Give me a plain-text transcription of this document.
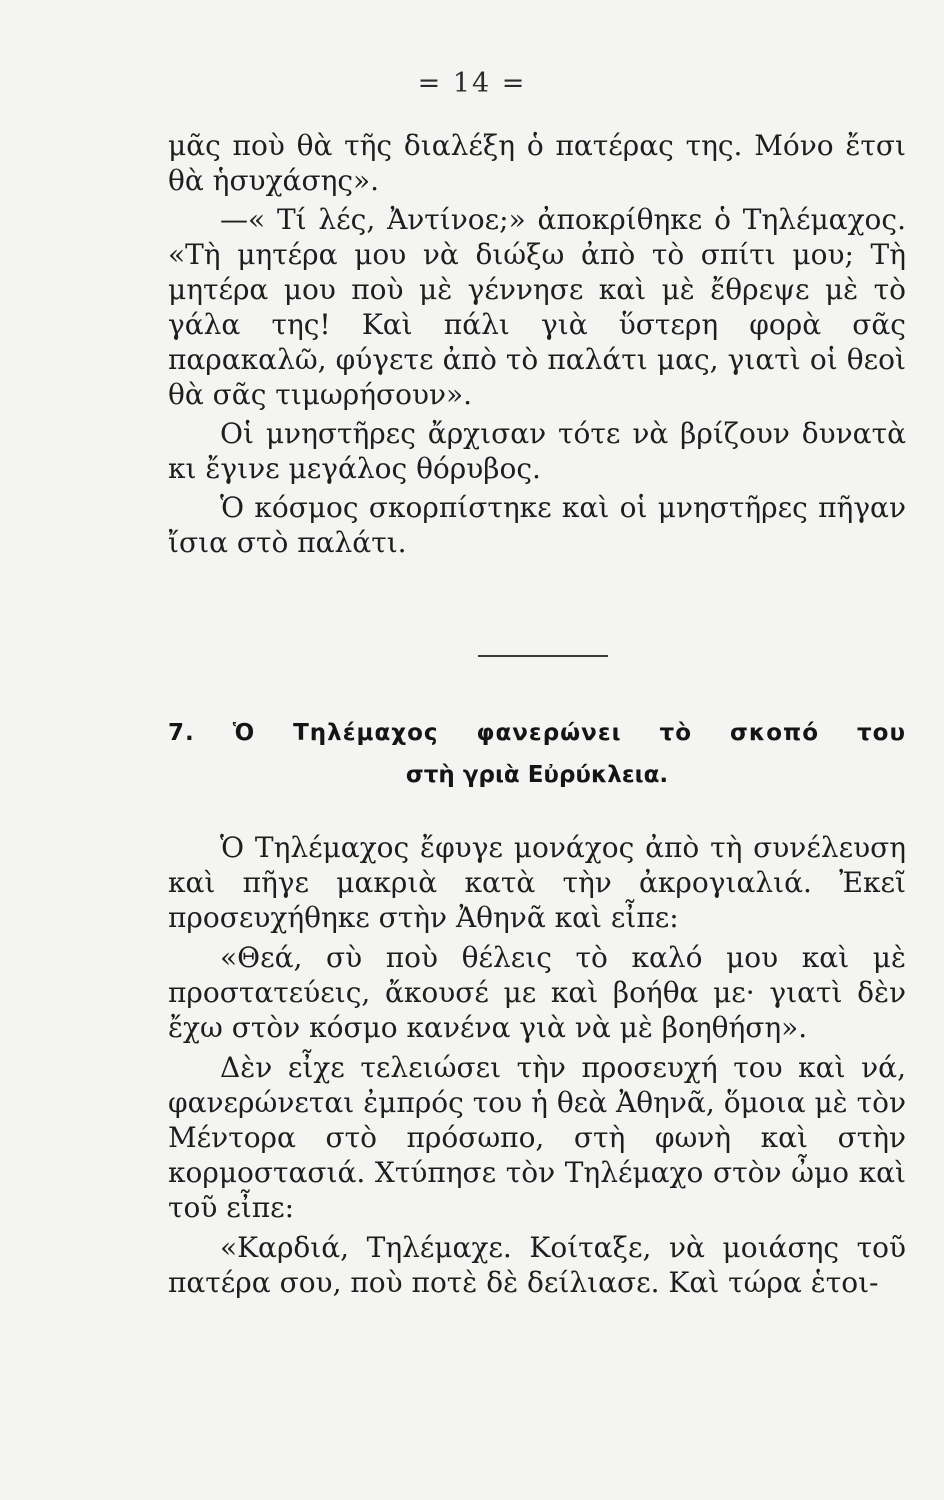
= 14 =

μᾶς ποὺ θὰ τῆς διαλέξη ὁ πατέρας της. Μόνο ἔτσι θὰ ἡσυχάσης».

—« Τί λές, Ἀντίνοε;» ἀποκρίθηκε ὁ Τηλέμαχος. «Τὴ μητέρα μου νὰ διώξω ἀπὸ τὸ σπίτι μου; Τὴ μητέρα μου ποὺ μὲ γέννησε καὶ μὲ ἔθρεψε μὲ τὸ γάλα της! Καὶ πάλι γιὰ ὕστερη φορὰ σᾶς παρακαλῶ, φύγετε ἀπὸ τὸ παλάτι μας, γιατὶ οἱ θεοὶ θὰ σᾶς τιμωρήσουν».

Οἱ μνηστῆρες ἄρχισαν τότε νὰ βρίζουν δυνατὰ κι ἔγινε μεγάλος θόρυβος.

Ὁ κόσμος σκορπίστηκε καὶ οἱ μνηστῆρες πῆγαν ἴσια στὸ παλάτι.

7. Ὁ Τηλέμαχος φανερώνει τὸ σκοπό του
στὴ γριὰ Εὐρύκλεια.

Ὁ Τηλέμαχος ἔφυγε μονάχος ἀπὸ τὴ συνέλευση καὶ πῆγε μακριὰ κατὰ τὴν ἀκρογιαλιά. Ἐκεῖ προσευχήθηκε στὴν Ἀθηνᾶ καὶ εἶπε:

«Θεά, σὺ ποὺ θέλεις τὸ καλό μου καὶ μὲ προστατεύεις, ἄκουσέ με καὶ βοήθα με· γιατὶ δὲν ἔχω στὸν κόσμο κανένα γιὰ νὰ μὲ βοηθήση».

Δὲν εἶχε τελειώσει τὴν προσευχή του καὶ νά, φανερώνεται ἐμπρός του ἡ θεὰ Ἀθηνᾶ, ὅμοια μὲ τὸν Μέντορα στὸ πρόσωπο, στὴ φωνὴ καὶ στὴν κορμοστασιά. Χτύπησε τὸν Τηλέμαχο στὸν ὦμο καὶ τοῦ εἶπε:

«Καρδιά, Τηλέμαχε. Κοίταξε, νὰ μοιάσης τοῦ πατέρα σου, ποὺ ποτὲ δὲ δείλιασε. Καὶ τώρα ἑτοι-
